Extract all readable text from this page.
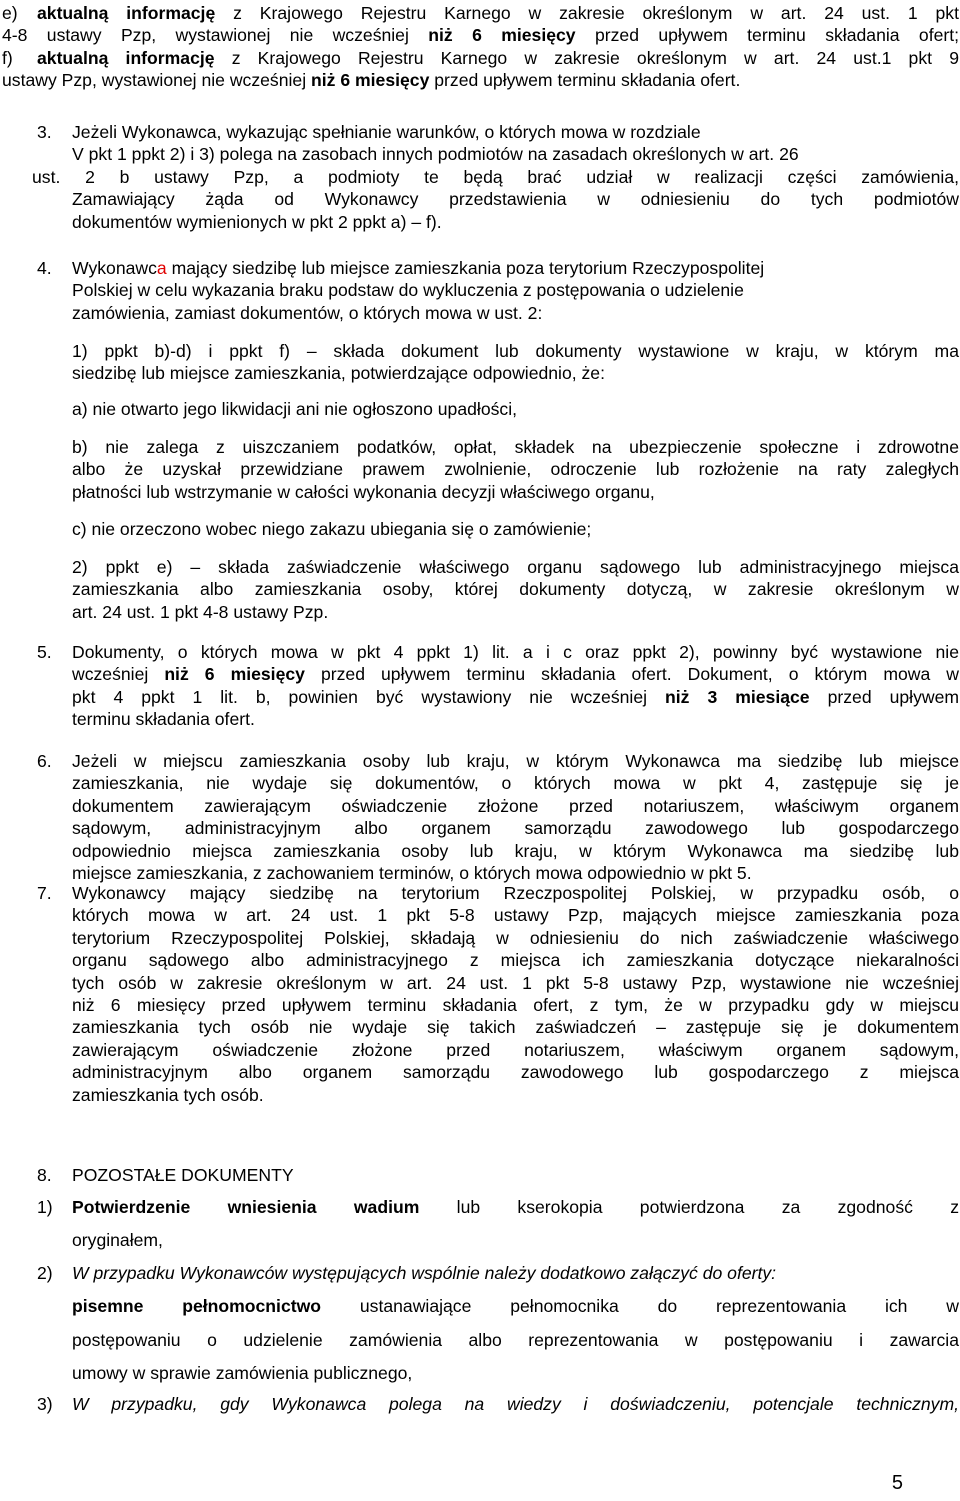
e) aktualną informację z Krajowego Rejestru Karnego w zakresie określonym w art. 24 ust. 1 pkt
4-8 ustawy Pzp, wystawionej nie wcześniej niż 6 miesięcy przed upływem terminu składania ofert;
f) aktualną informację z Krajowego Rejestru Karnego w zakresie określonym w art. 24 ust.1 pkt 9
ustawy Pzp, wystawionej nie wcześniej niż 6 miesięcy przed upływem terminu składania ofert.
3. Jeżeli Wykonawca, wykazując spełnianie warunków, o których mowa w rozdziale
V pkt 1 ppkt 2) i 3) polega na zasobach innych podmiotów na zasadach określonych w art. 26
ust. 2 b ustawy Pzp, a podmioty te będą brać udział w realizacji części zamówienia,
Zamawiający żąda od Wykonawcy przedstawienia w odniesieniu do tych podmiotów
dokumentów wymienionych w pkt 2 ppkt a) – f).
4. Wykonawca mający siedzibę lub miejsce zamieszkania poza terytorium Rzeczypospolitej
Polskiej w celu wykazania braku podstaw do wykluczenia z postępowania o udzielenie
zamówienia, zamiast dokumentów, o których mowa w ust. 2:
1) ppkt b)-d) i ppkt f) – składa dokument lub dokumenty wystawione w kraju, w którym ma
siedzibę lub miejsce zamieszkania, potwierdzające odpowiednio, że:
a) nie otwarto jego likwidacji ani nie ogłoszono upadłości,
b) nie zalega z uiszczaniem podatków, opłat, składek na ubezpieczenie społeczne i zdrowotne
albo że uzyskał przewidziane prawem zwolnienie, odroczenie lub rozłożenie na raty zaległych
płatności lub wstrzymanie w całości wykonania decyzji właściwego organu,
c) nie orzeczono wobec niego zakazu ubiegania się o zamówienie;
2) ppkt e) – składa zaświadczenie właściwego organu sądowego lub administracyjnego miejsca
zamieszkania albo zamieszkania osoby, której dokumenty dotyczą, w zakresie określonym w
art. 24 ust. 1 pkt 4-8 ustawy Pzp.
5. Dokumenty, o których mowa w pkt 4 ppkt 1) lit. a i c oraz ppkt 2), powinny być wystawione nie
wcześniej niż 6 miesięcy przed upływem terminu składania ofert. Dokument, o którym mowa w
pkt 4 ppkt 1 lit. b, powinien być wystawiony nie wcześniej niż 3 miesiące przed upływem
terminu składania ofert.
6. Jeżeli w miejscu zamieszkania osoby lub kraju, w którym Wykonawca ma siedzibę lub miejsce
zamieszkania, nie wydaje się dokumentów, o których mowa w pkt 4, zastępuje się je
dokumentem zawierającym oświadczenie złożone przed notariuszem, właściwym organem
sądowym, administracyjnym albo organem samorządu zawodowego lub gospodarczego
odpowiednio miejsca zamieszkania osoby lub kraju, w którym Wykonawca ma siedzibę lub
miejsce zamieszkania, z zachowaniem terminów, o których mowa odpowiednio w pkt 5.
7. Wykonawcy mający siedzibę na terytorium Rzeczpospolitej Polskiej, w przypadku osób, o
których mowa w art. 24 ust. 1 pkt 5-8 ustawy Pzp, mających miejsce zamieszkania poza
terytorium Rzeczypospolitej Polskiej, składają w odniesieniu do nich zaświadczenie właściwego
organu sądowego albo administracyjnego z miejsca ich zamieszkania dotyczące niekaralności
tych osób w zakresie określonym w art. 24 ust. 1 pkt 5-8 ustawy Pzp, wystawione nie wcześniej
niż 6 miesięcy przed upływem terminu składania ofert, z tym, że w przypadku gdy w miejscu
zamieszkania tych osób nie wydaje się takich zaświadczeń – zastępuje się je dokumentem
zawierającym oświadczenie złożone przed notariuszem, właściwym organem sądowym,
administracyjnym albo organem samorządu zawodowego lub gospodarczego z miejsca
zamieszkania tych osób.
8. POZOSTAŁE DOKUMENTY
1) Potwierdzenie wniesienia wadium lub kserokopia potwierdzona za zgodność z
oryginałem,
2) W przypadku Wykonawców występujących wspólnie należy dodatkowo załączyć do oferty:
pisemne pełnomocnictwo ustanawiające pełnomocnika do reprezentowania ich w
postępowaniu o udzielenie zamówienia albo reprezentowania w postępowaniu i zawarcia
umowy w sprawie zamówienia publicznego,
3) W przypadku, gdy Wykonawca polega na wiedzy i doświadczeniu, potencjale technicznym,
5
